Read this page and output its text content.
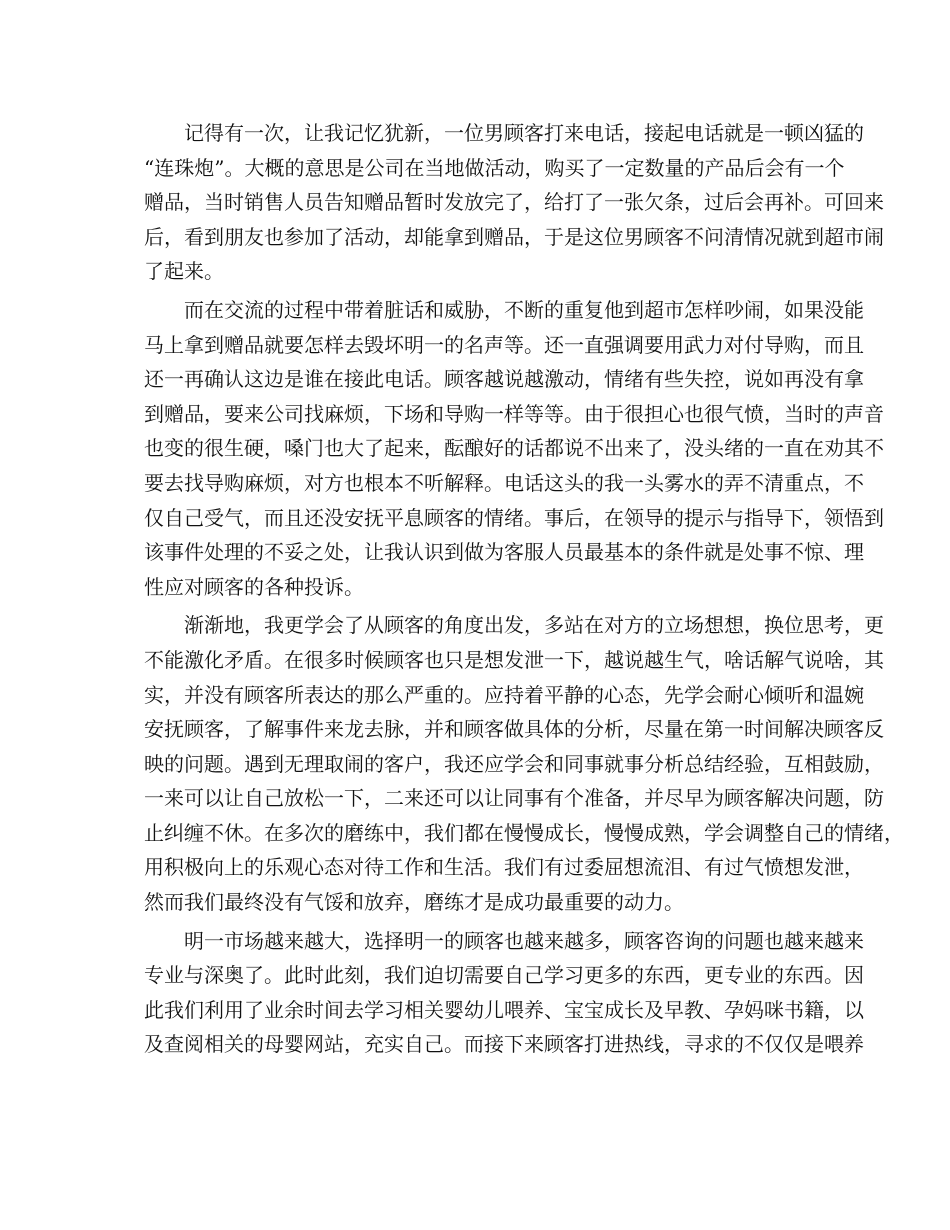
　　记得有一次，让我记忆犹新，一位男顾客打来电话，接起电话就是一顿凶猛的
“连珠炮”。大概的意思是公司在当地做活动，购买了一定数量的产品后会有一个
赠品，当时销售人员告知赠品暂时发放完了，给打了一张欠条，过后会再补。可回来
后，看到朋友也参加了活动，却能拿到赠品，于是这位男顾客不问清情况就到超市闹
了起来。
　　而在交流的过程中带着脏话和威胁，不断的重复他到超市怎样吵闹，如果没能
马上拿到赠品就要怎样去毁坏明一的名声等。还一直强调要用武力对付导购，而且
还一再确认这边是谁在接此电话。顾客越说越激动，情绪有些失控，说如再没有拿
到赠品，要来公司找麻烦，下场和导购一样等等。由于很担心也很气愤，当时的声音
也变的很生硬，嗓门也大了起来，酝酿好的话都说不出来了，没头绪的一直在劝其不
要去找导购麻烦，对方也根本不听解释。电话这头的我一头雾水的弄不清重点，不
仅自己受气，而且还没安抚平息顾客的情绪。事后，在领导的提示与指导下，领悟到
该事件处理的不妥之处，让我认识到做为客服人员最基本的条件就是处事不惊、理
性应对顾客的各种投诉。
　　渐渐地，我更学会了从顾客的角度出发，多站在对方的立场想想，换位思考，更
不能激化矛盾。在很多时候顾客也只是想发泄一下，越说越生气，啥话解气说啥，其
实，并没有顾客所表达的那么严重的。应持着平静的心态，先学会耐心倾听和温婉
安抚顾客，了解事件来龙去脉，并和顾客做具体的分析，尽量在第一时间解决顾客反
映的问题。遇到无理取闹的客户，我还应学会和同事就事分析总结经验，互相鼓励，
一来可以让自己放松一下，二来还可以让同事有个准备，并尽早为顾客解决问题，防
止纠缠不休。在多次的磨练中，我们都在慢慢成长，慢慢成熟，学会调整自己的情绪，
用积极向上的乐观心态对待工作和生活。我们有过委屈想流泪、有过气愤想发泄，
然而我们最终没有气馁和放弃，磨练才是成功最重要的动力。
　　明一市场越来越大，选择明一的顾客也越来越多，顾客咨询的问题也越来越来
专业与深奥了。此时此刻，我们迫切需要自己学习更多的东西，更专业的东西。因
此我们利用了业余时间去学习相关婴幼儿喂养、宝宝成长及早教、孕妈咪书籍，以
及查阅相关的母婴网站，充实自己。而接下来顾客打进热线，寻求的不仅仅是喂养
